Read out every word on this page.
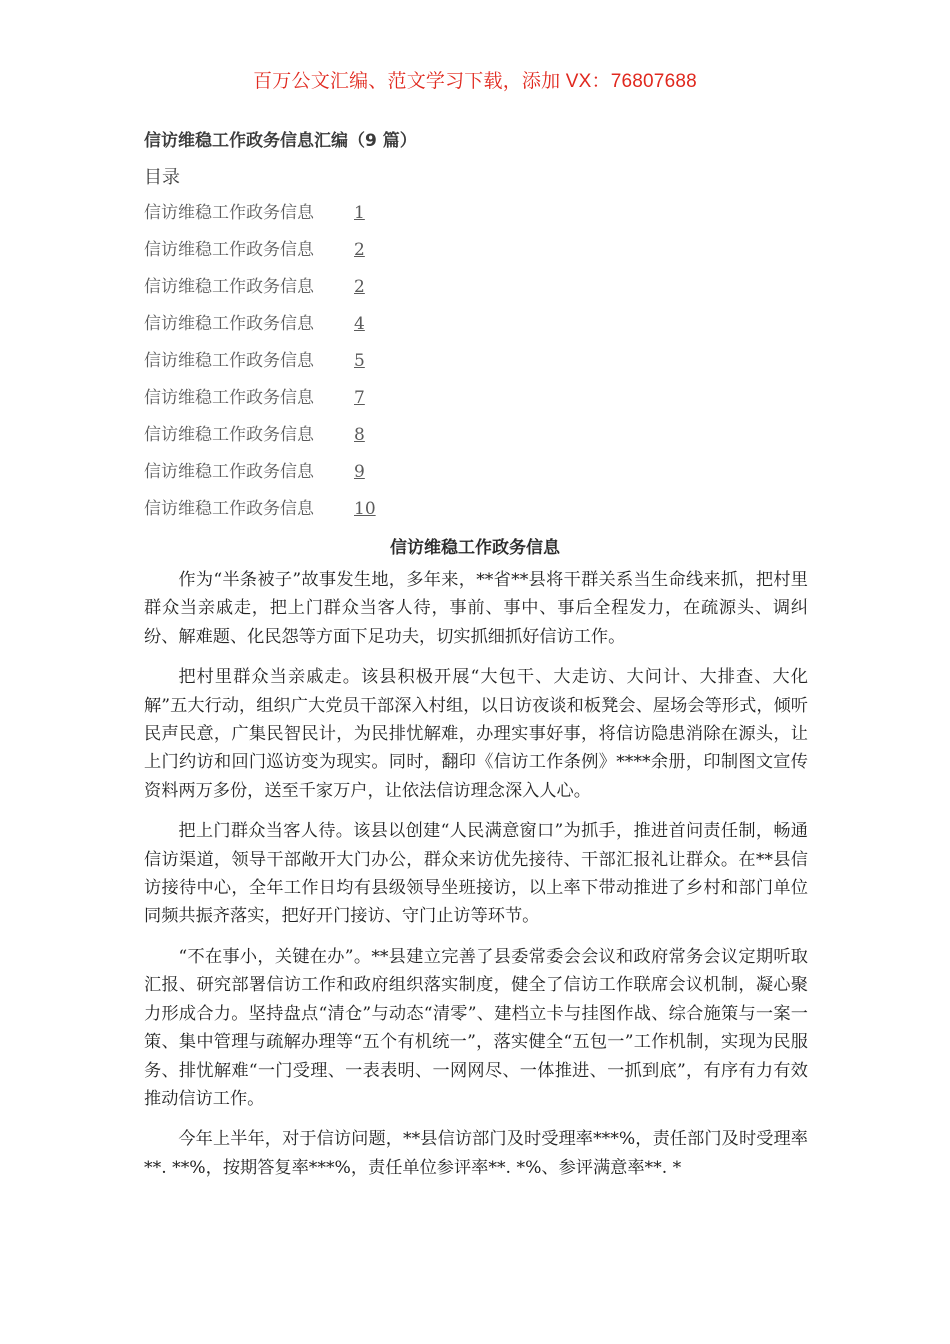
百万公文汇编、范文学习下载，添加 VX：76807688
信访维稳工作政务信息汇编（9 篇）
目录
信访维稳工作政务信息	1
信访维稳工作政务信息	2
信访维稳工作政务信息	2
信访维稳工作政务信息	4
信访维稳工作政务信息	5
信访维稳工作政务信息	7
信访维稳工作政务信息	8
信访维稳工作政务信息	9
信访维稳工作政务信息	10
信访维稳工作政务信息

作为“半条被子”故事发生地，多年来，**省**县将干群关系当生命线来抓，把村里群众当亲戚走，把上门群众当客人待，事前、事中、事后全程发力，在疏源头、调纠纷、解难题、化民怨等方面下足功夫，切实抓细抓好信访工作。

把村里群众当亲戚走。该县积极开展“大包干、大走访、大问计、大排查、大化解”五大行动，组织广大党员干部深入村组，以日访夜谈和板凳会、屋场会等形式，倾听民声民意，广集民智民计，为民排忧解难，办理实事好事，将信访隐患消除在源头，让上门约访和回门巡访变为现实。同时，翻印《信访工作条例》****余册，印制图文宣传资料两万多份，送至千家万户，让依法信访理念深入人心。

把上门群众当客人待。该县以创建“人民满意窗口”为抓手，推进首问责任制，畅通信访渠道，领导干部敞开大门办公，群众来访优先接待、干部汇报礼让群众。在**县信访接待中心，全年工作日均有县级领导坐班接访，以上率下带动推进了乡村和部门单位同频共振齐落实，把好开门接访、守门止访等环节。

“不在事小，关键在办”。**县建立完善了县委常委会会议和政府常务会议定期听取汇报、研究部署信访工作和政府组织落实制度，健全了信访工作联席会议机制，凝心聚力形成合力。坚持盘点“清仓”与动态“清零”、建档立卡与挂图作战、综合施策与一案一策、集中管理与疏解办理等“五个有机统一”，落实健全“五包一”工作机制，实现为民服务、排忧解难“一门受理、一表表明、一网网尽、一体推进、一抓到底”，有序有力有效推动信访工作。

今年上半年，对于信访问题，**县信访部门及时受理率***%，责任部门及时受理率**. **%，按期答复率***%，责任单位参评率**. *%、参评满意率**. *
